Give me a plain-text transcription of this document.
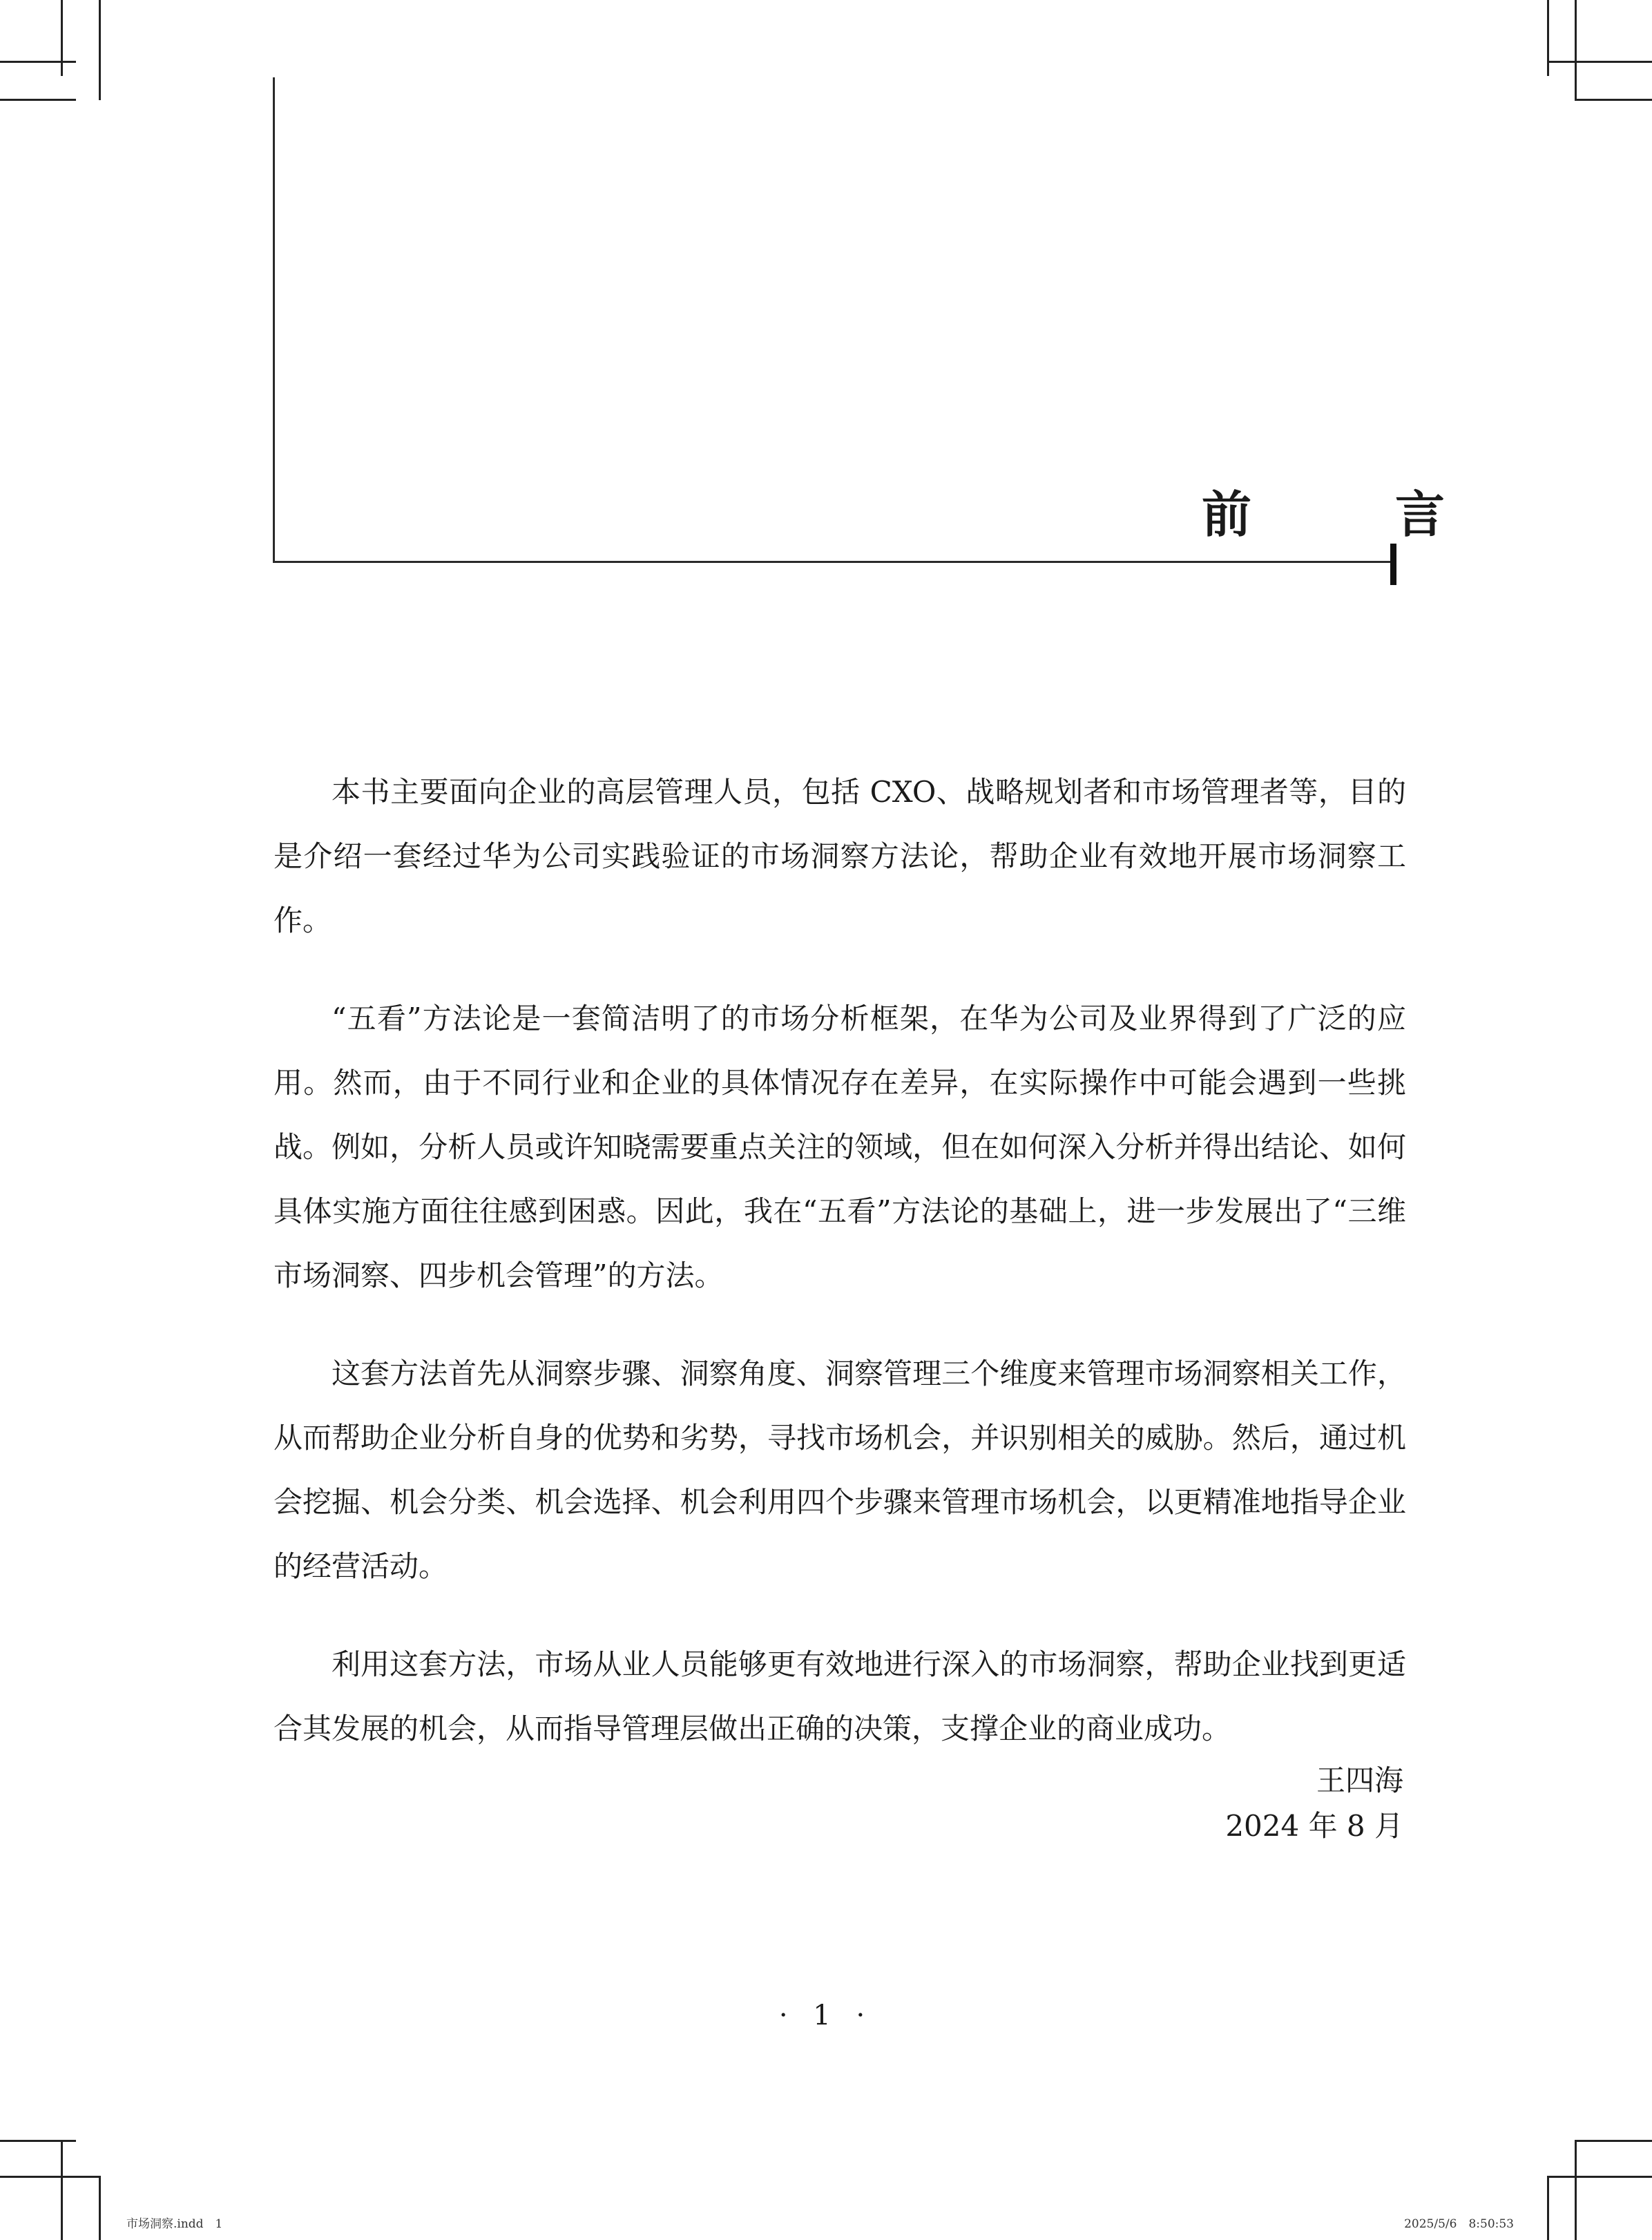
前　言

本书主要面向企业的高层管理人员，包括 CXO、战略规划者和市场管理者等，目的是介绍一套经过华为公司实践验证的市场洞察方法论，帮助企业有效地开展市场洞察工作。

“五看”方法论是一套简洁明了的市场分析框架，在华为公司及业界得到了广泛的应用。然而，由于不同行业和企业的具体情况存在差异，在实际操作中可能会遇到一些挑战。例如，分析人员或许知晓需要重点关注的领域，但在如何深入分析并得出结论、如何具体实施方面往往感到困惑。因此，我在“五看”方法论的基础上，进一步发展出了“三维市场洞察、四步机会管理”的方法。

这套方法首先从洞察步骤、洞察角度、洞察管理三个维度来管理市场洞察相关工作，从而帮助企业分析自身的优势和劣势，寻找市场机会，并识别相关的威胁。然后，通过机会挖掘、机会分类、机会选择、机会利用四个步骤来管理市场机会，以更精准地指导企业的经营活动。

利用这套方法，市场从业人员能够更有效地进行深入的市场洞察，帮助企业找到更适合其发展的机会，从而指导管理层做出正确的决策，支撑企业的商业成功。

王四海
2024 年 8 月
· 1 ·
市场洞察.indd　1	2025/5/6　8:50:53
